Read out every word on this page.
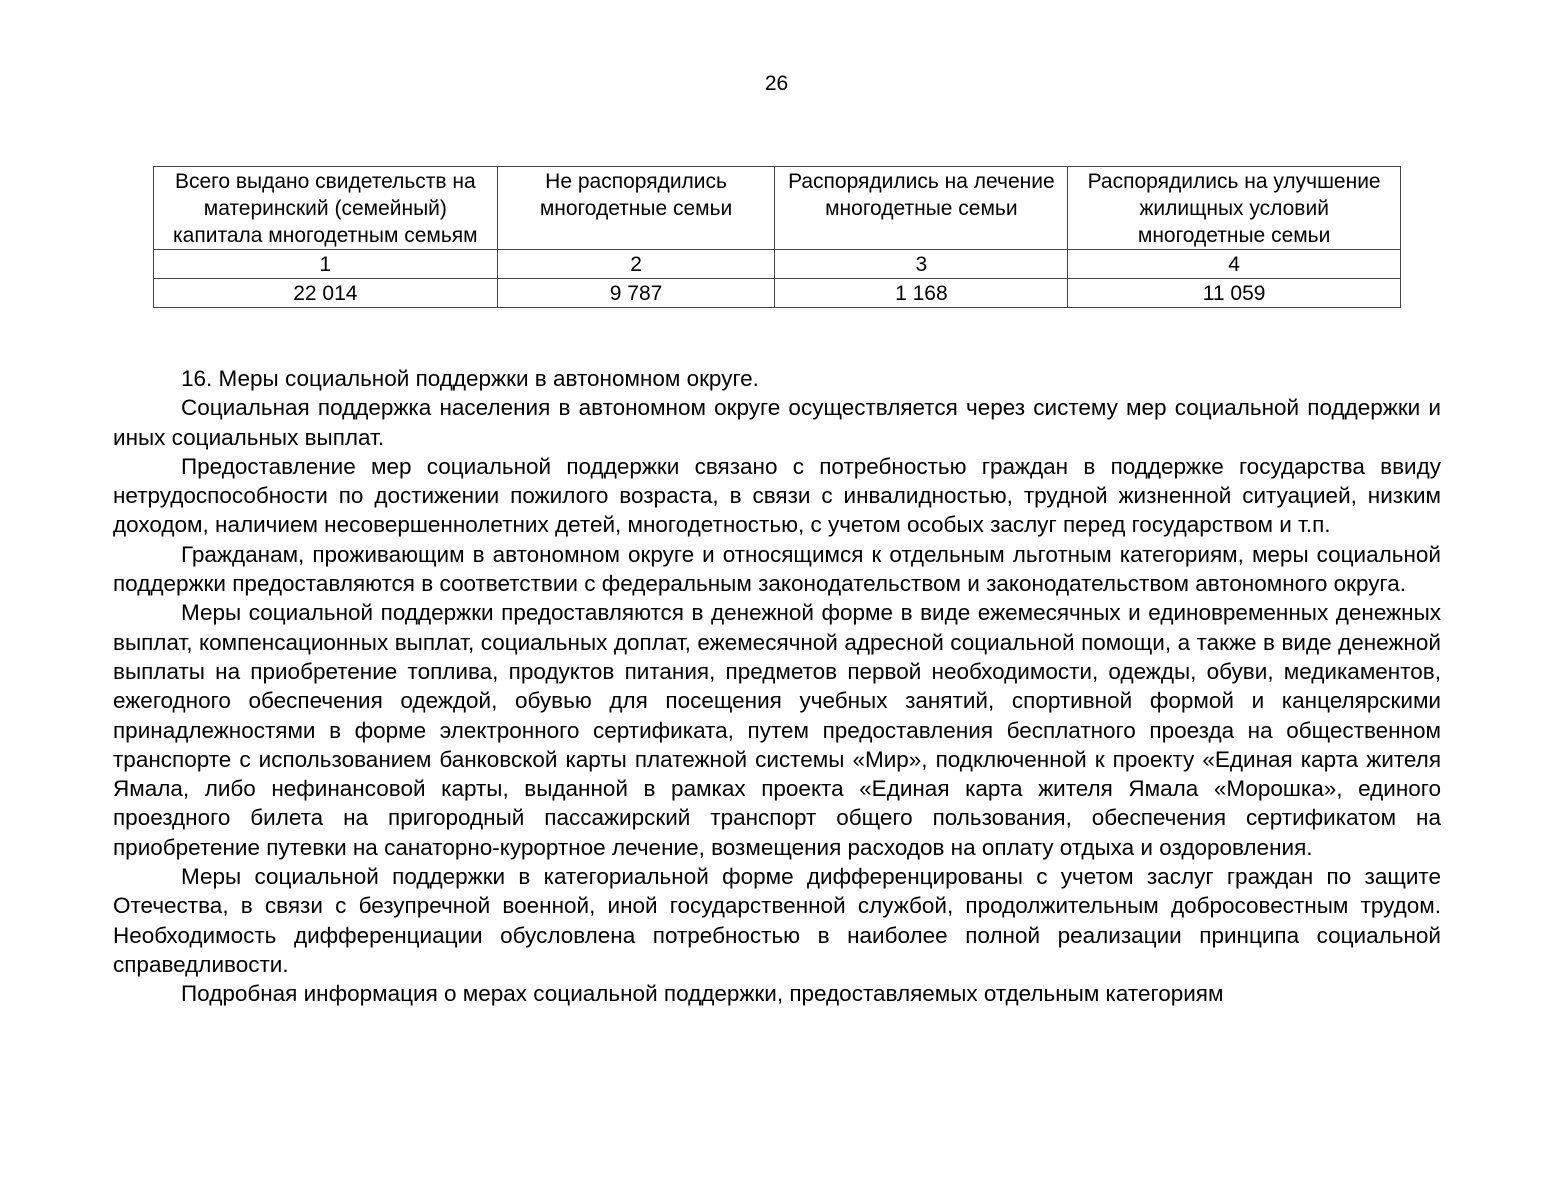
26
Всего выдано свидетельств на материнский (семейный) капитала многодетным семьям	Не распорядились многодетные семьи	Распорядились на лечение многодетные семьи	Распорядились на улучшение жилищных условий многодетные семьи
1	2	3	4
22 014	9 787	1 168	11 059

16. Меры социальной поддержки в автономном округе.

Социальная поддержка населения в автономном округе осуществляется через систему мер социальной поддержки и иных социальных выплат.

Предоставление мер социальной поддержки связано с потребностью граждан в поддержке государства ввиду нетрудоспособности по достижении пожилого возраста, в связи с инвалидностью, трудной жизненной ситуацией, низким доходом, наличием несовершеннолетних детей, многодетностью, с учетом особых заслуг перед государством и т.п.

Гражданам, проживающим в автономном округе и относящимся к отдельным льготным категориям, меры социальной поддержки предоставляются в соответствии с федеральным законодательством и законодательством автономного округа.

Меры социальной поддержки предоставляются в денежной форме в виде ежемесячных и единовременных денежных выплат, компенсационных выплат, социальных доплат, ежемесячной адресной социальной помощи, а также в виде денежной выплаты на приобретение топлива, продуктов питания, предметов первой необходимости, одежды, обуви, медикаментов, ежегодного обеспечения одеждой, обувью для посещения учебных занятий, спортивной формой и канцелярскими принадлежностями в форме электронного сертификата, путем предоставления бесплатного проезда на общественном транспорте с использованием банковской карты платежной системы «Мир», подключенной к проекту «Единая карта жителя Ямала, либо нефинансовой карты, выданной в рамках проекта «Единая карта жителя Ямала «Морошка», единого проездного билета на пригородный пассажирский транспорт общего пользования, обеспечения сертификатом на приобретение путевки на санаторно-курортное лечение, возмещения расходов на оплату отдыха и оздоровления.

Меры социальной поддержки в категориальной форме дифференцированы с учетом заслуг граждан по защите Отечества, в связи с безупречной военной, иной государственной службой, продолжительным добросовестным трудом. Необходимость дифференциации обусловлена потребностью в наиболее полной реализации принципа социальной справедливости.

Подробная информация о мерах социальной поддержки, предоставляемых отдельным категориям
